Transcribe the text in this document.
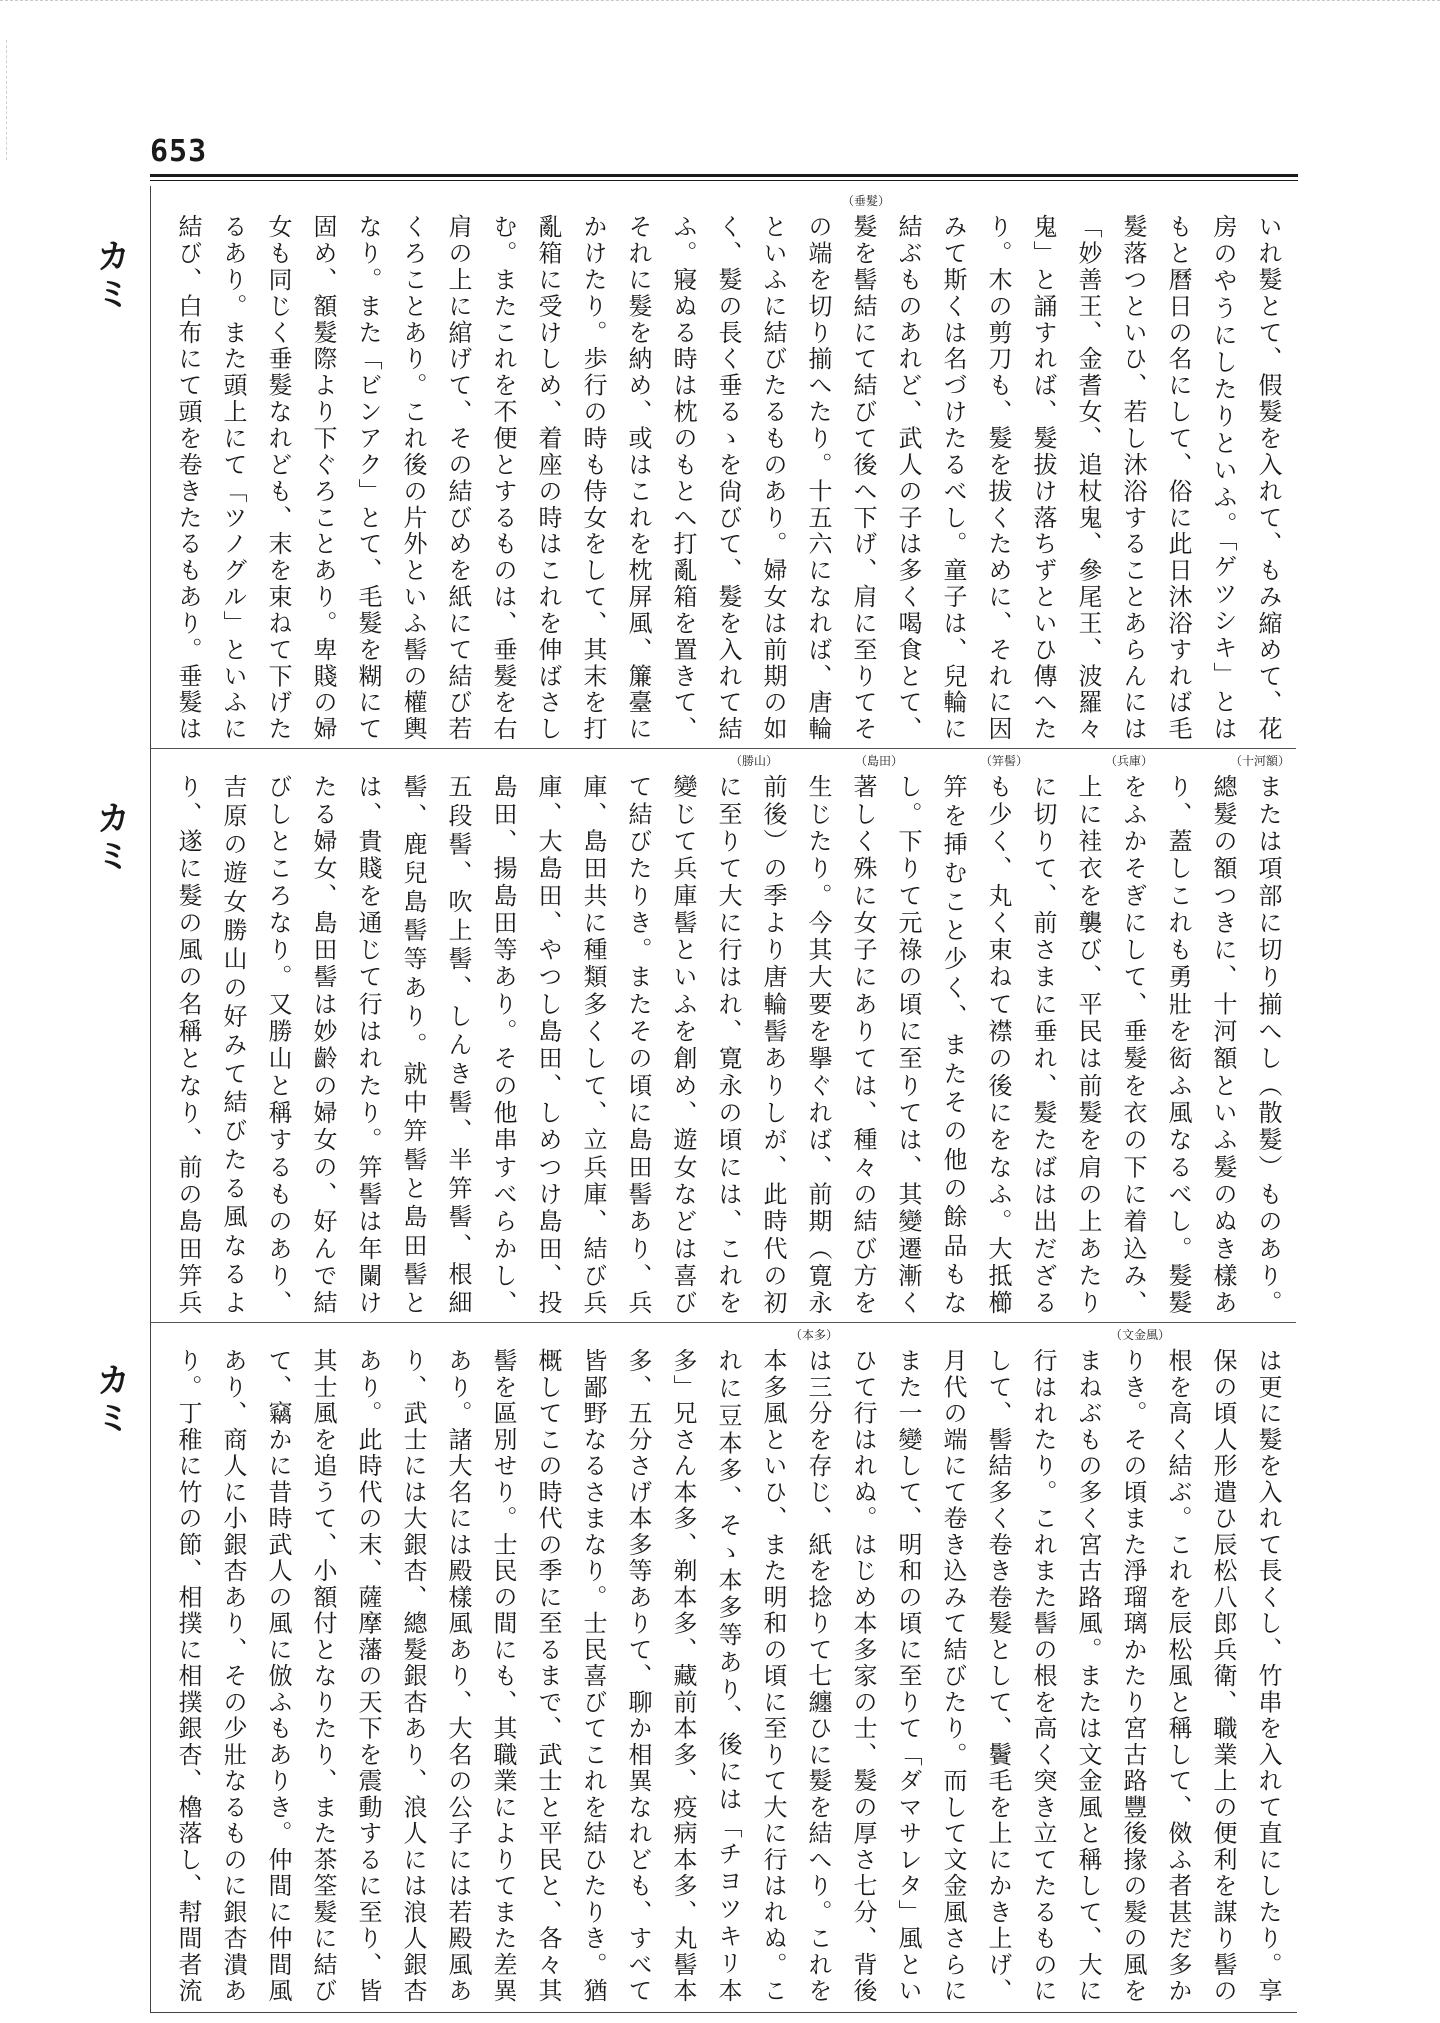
653
カミ
カミ
カミ
（垂髮）
いれ髮とて、假髮を入れて、もみ縮めて、花房のやうにしたりといふ。「ゲツシキ」とはもと曆日の名にして、俗に此日沐浴すれば毛髮落つといひ、若し沐浴することあらんには「妙善王、金耆女、追杖鬼、參尾王、波羅々鬼」と誦すれば、髮拔け落ちずといひ傳へたり。木の剪刀も、髮を拔くために、それに因みて斯くは名づけたるべし。童子は、兒輪に結ぶものあれど、武人の子は多く喝食とて、髮を髻結にて結びて後へ下げ、肩に至りてその端を切り揃へたり。十五六になれば、唐輪といふに結びたるものあり。婦女は前期の如く、髮の長く垂るゝを尙びて、髮を入れて結ふ。寢ぬる時は枕のもとへ打亂箱を置きて、それに髮を納め、或はこれを枕屏風、簾臺にかけたり。歩行の時も侍女をして、其末を打亂箱に受けしめ、着座の時はこれを伸ばさしむ。またこれを不便とするものは、垂髮を右肩の上に綰げて、その結びめを紙にて結び若くろことあり。これ後の片外といふ髻の權輿なり。また「ビンアク」とて、毛髮を糊にて固め、額髮際より下ぐろことあり。卑賤の婦女も同じく垂髮なれども、末を束ねて下げたるあり。また頭上にて「ツノグル」といふに結び、白布にて頭を卷きたるもあり。垂髮は
（十河額）
（兵庫）
（笄髻）
（島田）
（勝山）
または項部に切り揃へし（散髮）ものあり。總髮の額つきに、十河額といふ髮のぬき樣あり、蓋しこれも勇壯を衒ふ風なるべし。髮髮をふかそぎにして、垂髮を衣の下に着込み、上に袿衣を襲び、平民は前髮を肩の上あたりに切りて、前さまに垂れ、髮たばは出だざるも少く、丸く束ねて襟の後にをなふ。大抵櫛笄を挿むこと少く、またその他の餘品もなし。下りて元祿の頃に至りては、其變遷漸く著しく殊に女子にありては、種々の結び方を生じたり。今其大要を擧ぐれば、前期（寛永前後）の季より唐輪髻ありしが、此時代の初に至りて大に行はれ、寛永の頃には、これを變じて兵庫髻といふを創め、遊女などは喜びて結びたりき。またその頃に島田髻あり、兵庫、島田共に種類多くして、立兵庫、結び兵庫、大島田、やつし島田、しめつけ島田、投島田、揚島田等あり。その他串すべらかし、五段髻、吹上髻、しんき髻、半笄髻、根細髻、鹿兒島髻等あり。就中笄髻と島田髻とは、貴賤を通じて行はれたり。笄髻は年闌けたる婦女、島田髻は妙齡の婦女の、好んで結びしところなり。又勝山と稱するものあり、吉原の遊女勝山の好みて結びたる風なるより、遂に髮の風の名稱となり、前の島田笄兵
（文金風）
（本多）
は更に髮を入れて長くし、竹串を入れて直にしたり。享保の頃人形遣ひ辰松八郎兵衛、職業上の便利を謀り髻の根を高く結ぶ。これを辰松風と稱して、傚ふ者甚だ多かりき。その頃また淨瑠璃かたり宮古路豐後掾の髮の風をまねぶもの多く宮古路風。または文金風と稱して、大に行はれたり。これまた髻の根を高く突き立てたるものにして、髻結多く卷き卷髮として、鬢毛を上にかき上げ、月代の端にて卷き込みて結びたり。而して文金風さらにまた一變して、明和の頃に至りて「ダマサレタ」風といひて行はれぬ。はじめ本多家の士、髮の厚さ七分、背後は三分を存じ、紙を捻りて七纏ひに髮を結へり。これを本多風といひ、また明和の頃に至りて大に行はれぬ。これに豆本多、そゝ本多等あり、後には「チヨツキリ本多」兄さん本多、剃本多、藏前本多、疫病本多、丸髻本多、五分さげ本多等ありて、聊か相異なれども、すべて皆鄙野なるさまなり。士民喜びてこれを結ひたりき。猶概してこの時代の季に至るまで、武士と平民と、各々其髻を區別せり。士民の間にも、其職業によりてまた差異あり。諸大名には殿樣風あり、大名の公子には若殿風あり、武士には大銀杏、總髮銀杏あり、浪人には浪人銀杏あり。此時代の末、薩摩藩の天下を震動するに至り、皆其士風を追うて、小額付となりたり、また茶筌髮に結びて、竊かに昔時武人の風に倣ふもありき。仲間に仲間風あり、商人に小銀杏あり、その少壯なるものに銀杏潰あり。丁稚に竹の節、相撲に相撲銀杏、櫓落し、幇間者流
